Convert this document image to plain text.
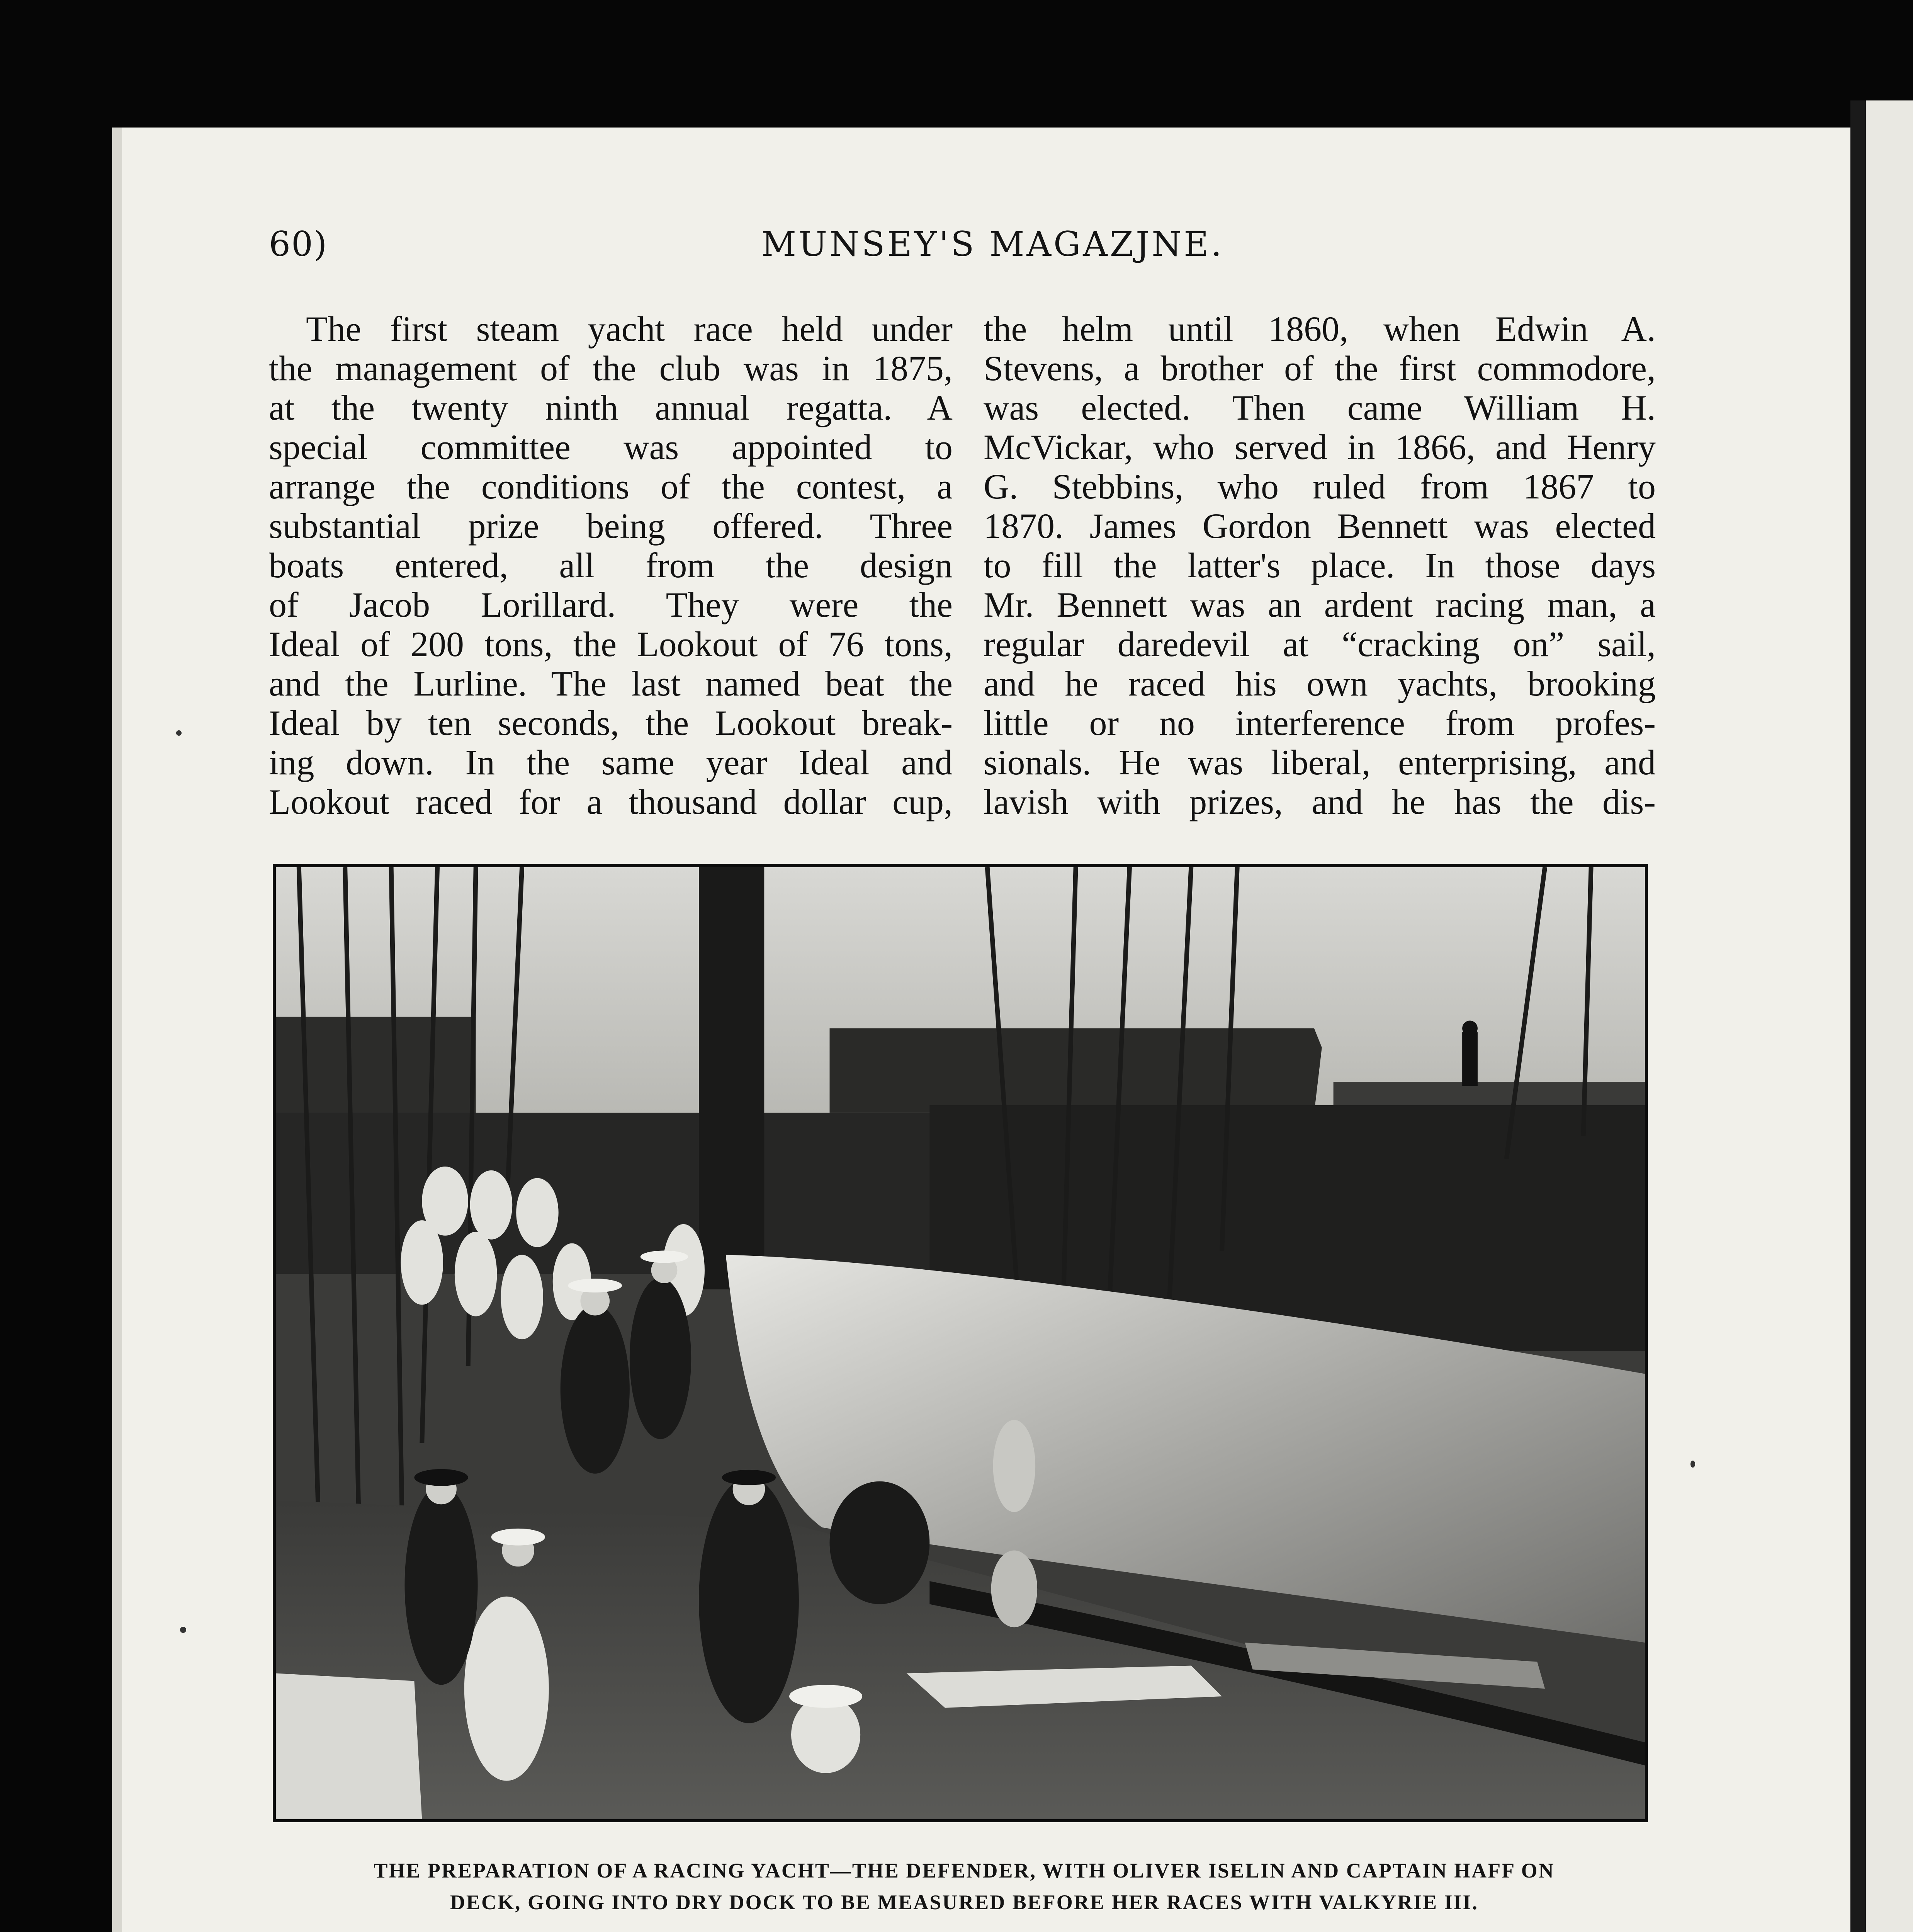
60)	MUNSEY'S MAGAZJNE.
The first steam yacht race held under
the management of the club was in 1875,
at the twenty ninth annual regatta. A
special committee was appointed to
arrange the conditions of the contest, a
substantial prize being offered. Three
boats entered, all from the design
of Jacob Lorillard. They were the
Ideal of 200 tons, the Lookout of 76 tons,
and the Lurline. The last named beat the
Ideal by ten seconds, the Lookout break-
ing down. In the same year Ideal and
Lookout raced for a thousand dollar cup,
the helm until 1860, when Edwin A.
Stevens, a brother of the first commodore,
was elected. Then came William H.
McVickar, who served in 1866, and Henry
G. Stebbins, who ruled from 1867 to
1870. James Gordon Bennett was elected
to fill the latter's place. In those days
Mr. Bennett was an ardent racing man, a
regular daredevil at “cracking on” sail,
and he raced his own yachts, brooking
little or no interference from profes-
sionals. He was liberal, enterprising, and
lavish with prizes, and he has the dis-
THE PREPARATION OF A RACING YACHT—THE DEFENDER, WITH OLIVER ISELIN AND CAPTAIN HAFF ON
DECK, GOING INTO DRY DOCK TO BE MEASURED BEFORE HER RACES WITH VALKYRIE III.
